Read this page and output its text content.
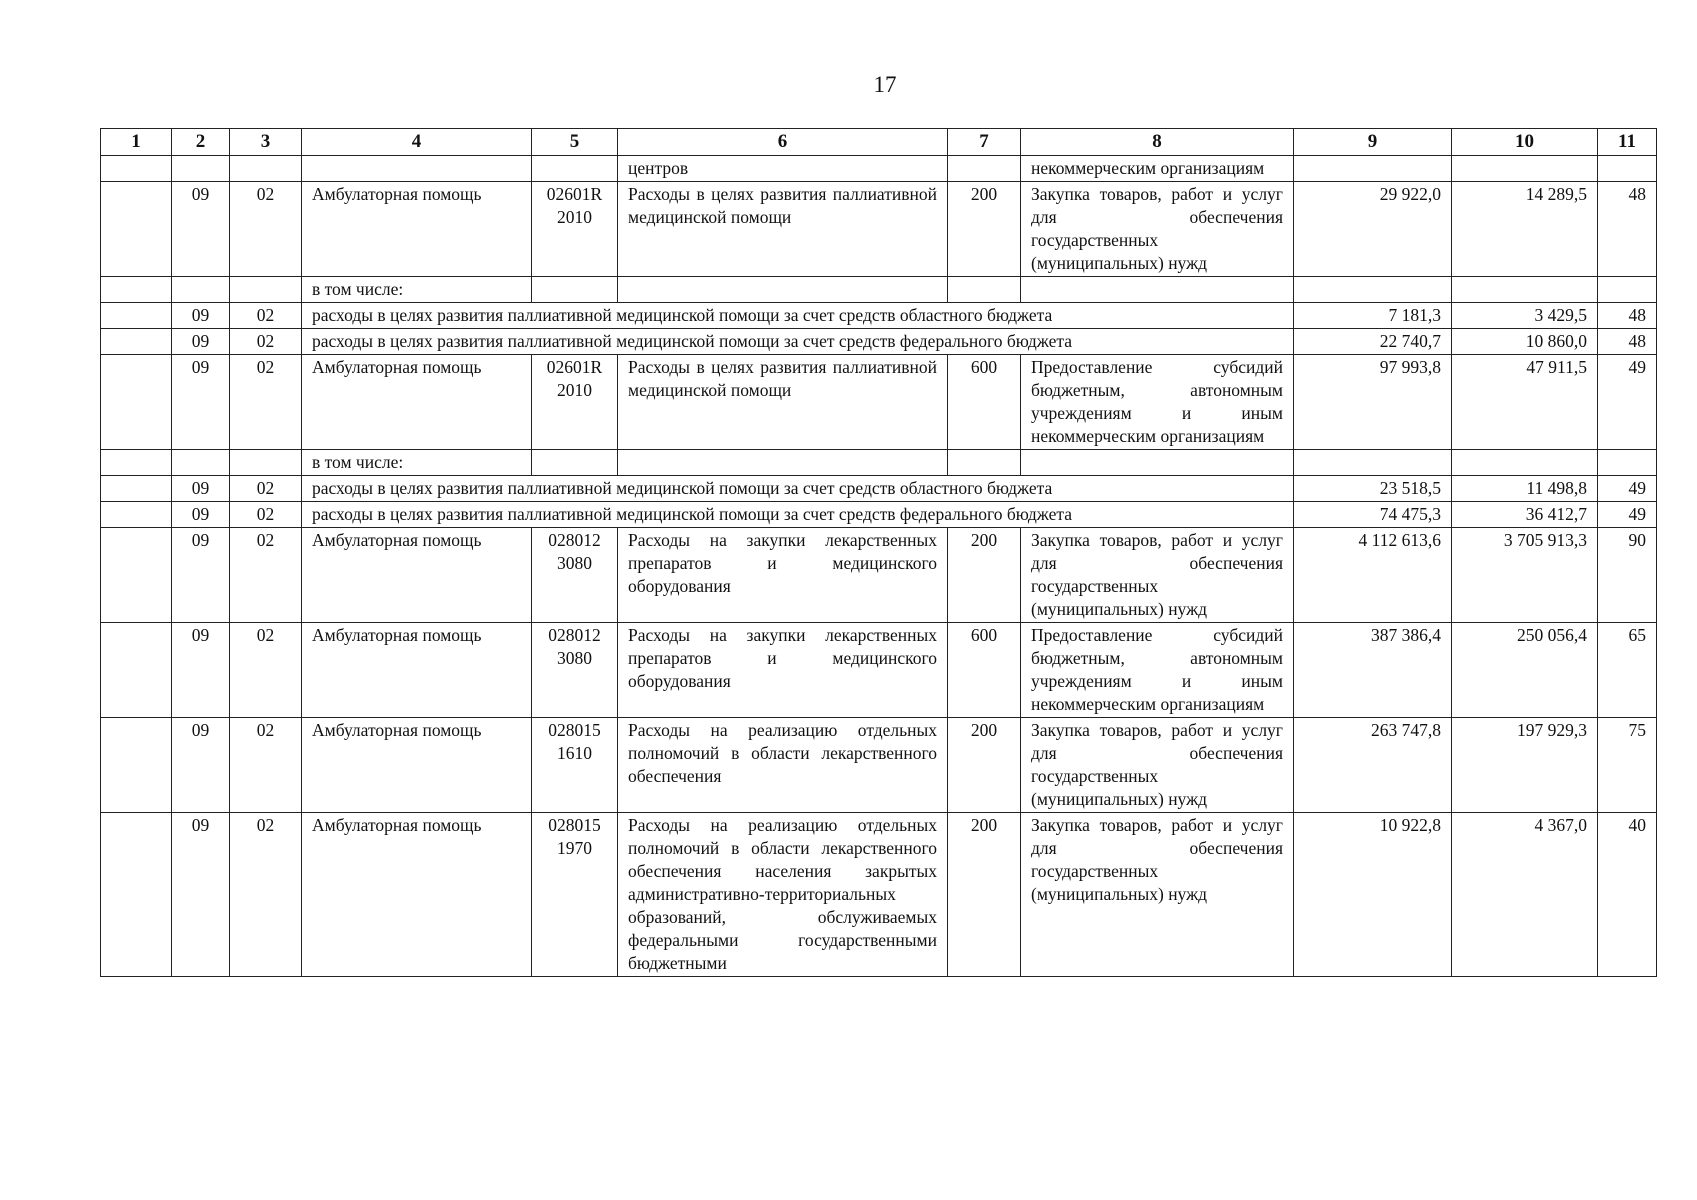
17
1	2	3	4	5	6	7	8	9	10	11
					центров		некоммерческим организациям			
	09	02	Амбулаторная помощь	02601R 2010	Расходы в целях развития паллиативной медицинской помощи	200	Закупка товаров, работ и услуг для обеспечения государственных (муниципальных) нужд	29 922,0	14 289,5	48
			в том числе:							
	09	02	расходы в целях развития паллиативной медицинской помощи за счет средств областного бюджета					7 181,3	3 429,5	48
	09	02	расходы в целях развития паллиативной медицинской помощи за счет средств федерального бюджета					22 740,7	10 860,0	48
	09	02	Амбулаторная помощь	02601R 2010	Расходы в целях развития паллиативной медицинской помощи	600	Предоставление субсидий бюджетным, автономным учреждениям и иным некоммерческим организациям	97 993,8	47 911,5	49
			в том числе:							
	09	02	расходы в целях развития паллиативной медицинской помощи за счет средств областного бюджета					23 518,5	11 498,8	49
	09	02	расходы в целях развития паллиативной медицинской помощи за счет средств федерального бюджета					74 475,3	36 412,7	49
	09	02	Амбулаторная помощь	028012 3080	Расходы на закупки лекарственных препаратов и медицинского оборудования	200	Закупка товаров, работ и услуг для обеспечения государственных (муниципальных) нужд	4 112 613,6	3 705 913,3	90
	09	02	Амбулаторная помощь	028012 3080	Расходы на закупки лекарственных препаратов и медицинского оборудования	600	Предоставление субсидий бюджетным, автономным учреждениям и иным некоммерческим организациям	387 386,4	250 056,4	65
	09	02	Амбулаторная помощь	028015 1610	Расходы на реализацию отдельных полномочий в области лекарственного обеспечения	200	Закупка товаров, работ и услуг для обеспечения государственных (муниципальных) нужд	263 747,8	197 929,3	75
	09	02	Амбулаторная помощь	028015 1970	Расходы на реализацию отдельных полномочий в области лекарственного обеспечения населения закрытых административно-территориальных образований, обслуживаемых федеральными государственными бюджетными	200	Закупка товаров, работ и услуг для обеспечения государственных (муниципальных) нужд	10 922,8	4 367,0	40
